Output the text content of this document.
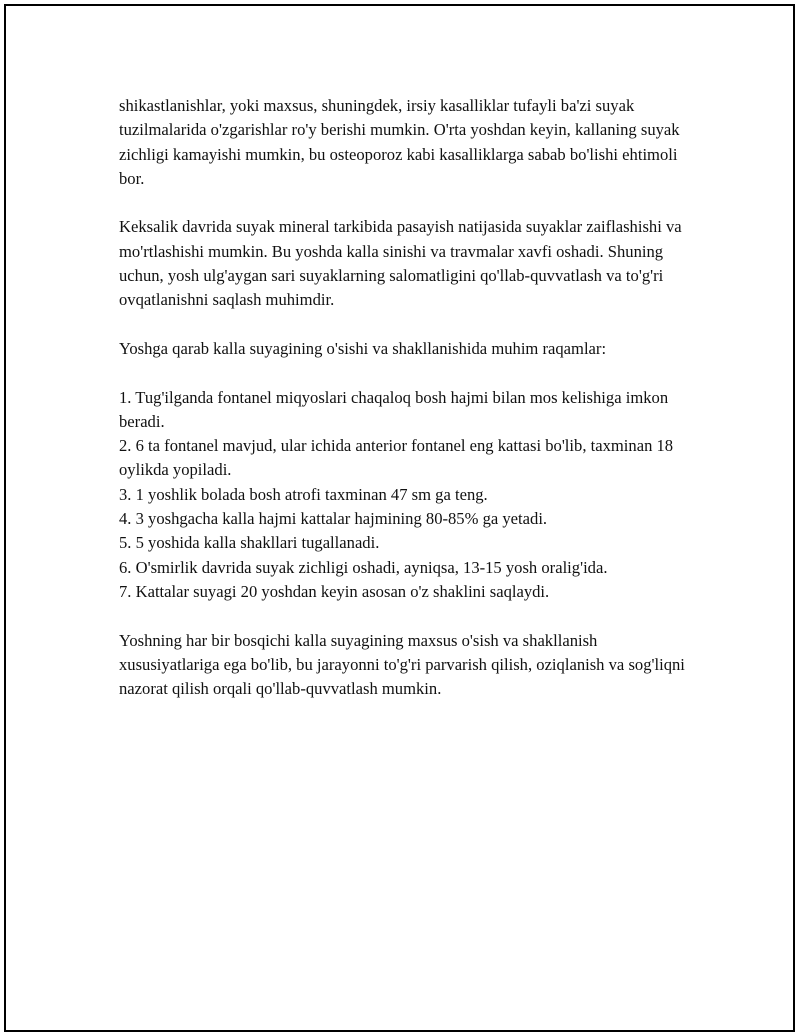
shikastlanishlar, yoki maxsus, shuningdek, irsiy kasalliklar tufayli ba'zi suyak tuzilmalarida o'zgarishlar ro'y berishi mumkin. O'rta yoshdan keyin, kallaning suyak zichligi kamayishi mumkin, bu osteoporoz kabi kasalliklarga sabab bo'lishi ehtimoli bor.

Keksalik davrida suyak mineral tarkibida pasayish natijasida suyaklar zaiflashishi va mo'rtlashishi mumkin. Bu yoshda kalla sinishi va travmalar xavfi oshadi. Shuning uchun, yosh ulg'aygan sari suyaklarning salomatligini qo'llab-quvvatlash va to'g'ri ovqatlanishni saqlash muhimdir.

Yoshga qarab kalla suyagining o'sishi va shakllanishida muhim raqamlar:

1. Tug'ilganda fontanel miqyoslari chaqaloq bosh hajmi bilan mos kelishiga imkon beradi.
2. 6 ta fontanel mavjud, ular ichida anterior fontanel eng kattasi bo'lib, taxminan 18 oylikda yopiladi.
3. 1 yoshlik bolada bosh atrofi taxminan 47 sm ga teng.
4. 3 yoshgacha kalla hajmi kattalar hajmining 80-85% ga yetadi.
5. 5 yoshida kalla shakllari tugallanadi.
6. O'smirlik davrida suyak zichligi oshadi, ayniqsa, 13-15 yosh oralig'ida.
7. Kattalar suyagi 20 yoshdan keyin asosan o'z shaklini saqlaydi.

Yoshning har bir bosqichi kalla suyagining maxsus o'sish va shakllanish xususiyatlariga ega bo'lib, bu jarayonni to'g'ri parvarish qilish, oziqlanish va sog'liqni nazorat qilish orqali qo'llab-quvvatlash mumkin.
